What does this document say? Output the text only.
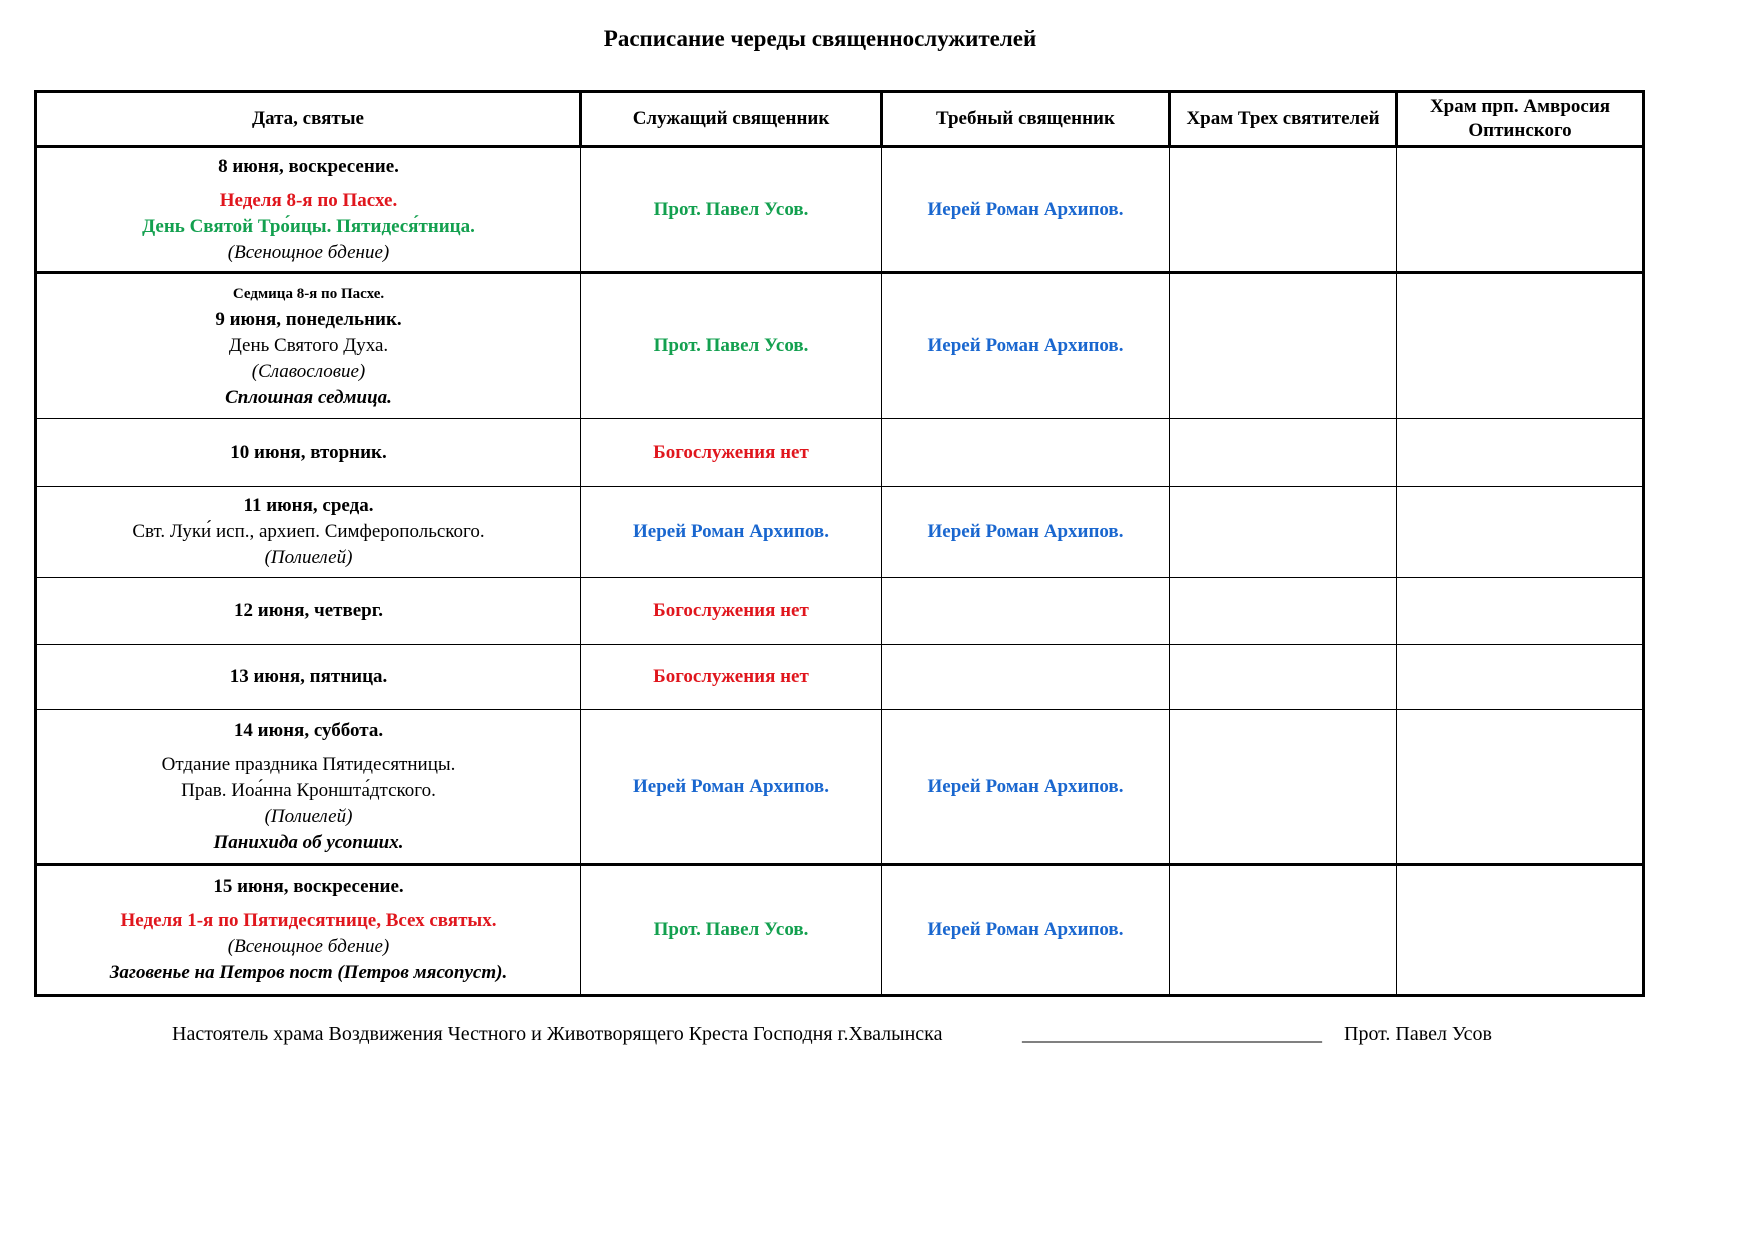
Расписание череды священнослужителей
Дата, святые	Служащий священник	Требный священник	Храм Трех святителей	Храм прп. Амвросия Оптинского

8 июня, воскресение.
Неделя 8-я по Пасхе.
День Святой Тро́ицы. Пятидеся́тница.
(Всенощное бдение)	Прот. Павел Усов.	Иерей Роман Архипов.		

Седмица 8-я по Пасхе.
9 июня, понедельник.
День Святого Духа.
(Славословие)
Сплошная седмица.	Прот. Павел Усов.	Иерей Роман Архипов.		

10 июня, вторник.	Богослужения нет			

11 июня, среда.
Свт. Луки́ исп., архиеп. Симферопольского.
(Полиелей)	Иерей Роман Архипов.	Иерей Роман Архипов.		

12 июня, четверг.	Богослужения нет			

13 июня, пятница.	Богослужения нет			

14 июня, суббота.
Отдание праздника Пятидесятницы.
Прав. Иоа́нна Кроншта́дтского.
(Полиелей)
Панихида об усопших.	Иерей Роман Архипов.	Иерей Роман Архипов.		

15 июня, воскресение.
Неделя 1-я по Пятидесятнице, Всех святых.
(Всенощное бдение)
Заговенье на Петров пост (Петров мясопуст).	Прот. Павел Усов.	Иерей Роман Архипов.		
Настоятель храма Воздвижения Честного и Животворящего Креста Господня г.Хвалынска	______________________________ Прот. Павел Усов
